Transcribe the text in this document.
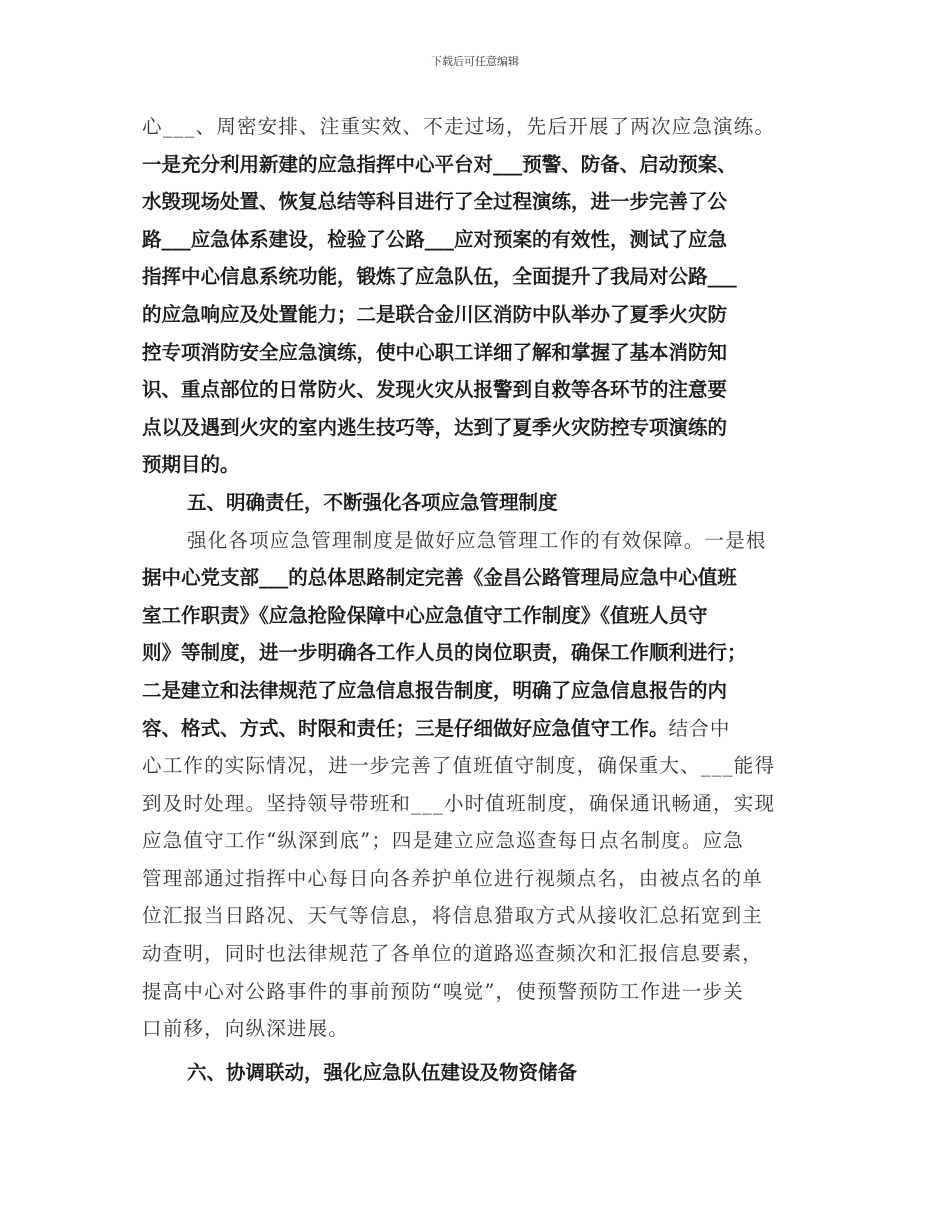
下载后可任意编辑
心___、周密安排、注重实效、不走过场，先后开展了两次应急演练。
一是充分利用新建的应急指挥中心平台对___预警、防备、启动预案、
水毁现场处置、恢复总结等科目进行了全过程演练，进一步完善了公
路___应急体系建设，检验了公路___应对预案的有效性，测试了应急
指挥中心信息系统功能，锻炼了应急队伍，全面提升了我局对公路___
的应急响应及处置能力；二是联合金川区消防中队举办了夏季火灾防
控专项消防安全应急演练，使中心职工详细了解和掌握了基本消防知
识、重点部位的日常防火、发现火灾从报警到自救等各环节的注意要
点以及遇到火灾的室内逃生技巧等，达到了夏季火灾防控专项演练的
预期目的。
五、明确责任，不断强化各项应急管理制度
强化各项应急管理制度是做好应急管理工作的有效保障。一是根
据中心党支部___的总体思路制定完善《金昌公路管理局应急中心值班
室工作职责》《应急抢险保障中心应急值守工作制度》《值班人员守
则》等制度，进一步明确各工作人员的岗位职责，确保工作顺利进行；
二是建立和法律规范了应急信息报告制度，明确了应急信息报告的内
容、格式、方式、时限和责任；三是仔细做好应急值守工作。结合中
心工作的实际情况，进一步完善了值班值守制度，确保重大、___能得
到及时处理。坚持领导带班和___小时值班制度，确保通讯畅通，实现
应急值守工作“纵深到底”；四是建立应急巡查每日点名制度。应急
管理部通过指挥中心每日向各养护单位进行视频点名，由被点名的单
位汇报当日路况、天气等信息，将信息猎取方式从接收汇总拓宽到主
动查明，同时也法律规范了各单位的道路巡查频次和汇报信息要素，
提高中心对公路事件的事前预防“嗅觉”，使预警预防工作进一步关
口前移，向纵深进展。
六、协调联动，强化应急队伍建设及物资储备
